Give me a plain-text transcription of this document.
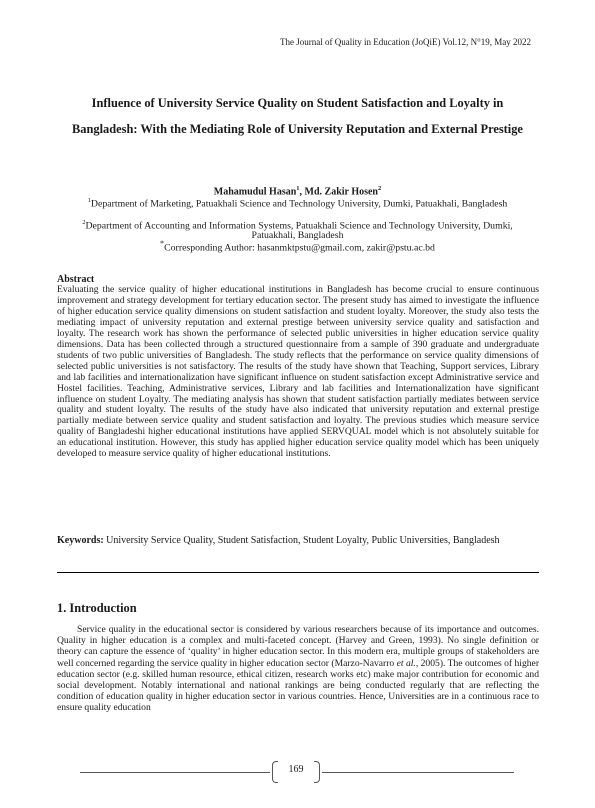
The Journal of Quality in Education (JoQiE) Vol.12, N°19, May 2022
Influence of University Service Quality on Student Satisfaction and Loyalty in Bangladesh: With the Mediating Role of University Reputation and External Prestige
Mahamudul Hasan$^1$, Md. Zakir Hosen$^2$
$^1$Department of Marketing, Patuakhali Science and Technology University, Dumki, Patuakhali, Bangladesh
$^2$Department of Accounting and Information Systems, Patuakhali Science and Technology University, Dumki, Patuakhali, Bangladesh
*Corresponding Author: hasanmktpstu@gmail.com, zakir@pstu.ac.bd
Abstract
Evaluating the service quality of higher educational institutions in Bangladesh has become crucial to ensure continuous improvement and strategy development for tertiary education sector. The present study has aimed to investigate the influence of higher education service quality dimensions on student satisfaction and student loyalty. Moreover, the study also tests the mediating impact of university reputation and external prestige between university service quality and satisfaction and loyalty. The research work has shown the performance of selected public universities in higher education service quality dimensions. Data has been collected through a structured questionnaire from a sample of 390 graduate and undergraduate students of two public universities of Bangladesh. The study reflects that the performance on service quality dimensions of selected public universities is not satisfactory. The results of the study have shown that Teaching, Support services, Library and lab facilities and internationalization have significant influence on student satisfaction except Administrative service and Hostel facilities. Teaching, Administrative services, Library and lab facilities and Internationalization have significant influence on student Loyalty. The mediating analysis has shown that student satisfaction partially mediates between service quality and student loyalty. The results of the study have also indicated that university reputation and external prestige partially mediate between service quality and student satisfaction and loyalty. The previous studies which measure service quality of Bangladeshi higher educational institutions have applied SERVQUAL model which is not absolutely suitable for an educational institution. However, this study has applied higher education service quality model which has been uniquely developed to measure service quality of higher educational institutions.
Keywords: University Service Quality, Student Satisfaction, Student Loyalty, Public Universities, Bangladesh
1. Introduction
Service quality in the educational sector is considered by various researchers because of its importance and outcomes. Quality in higher education is a complex and multi-faceted concept. (Harvey and Green, 1993). No single definition or theory can capture the essence of ‘quality’ in higher education sector. In this modern era, multiple groups of stakeholders are well concerned regarding the service quality in higher education sector (Marzo-Navarro et al., 2005). The outcomes of higher education sector (e.g. skilled human resource, ethical citizen, research works etc) make major contribution for economic and social development. Notably international and national rankings are being conducted regularly that are reflecting the condition of education quality in higher education sector in various countries. Hence, Universities are in a continuous race to ensure quality education
169
